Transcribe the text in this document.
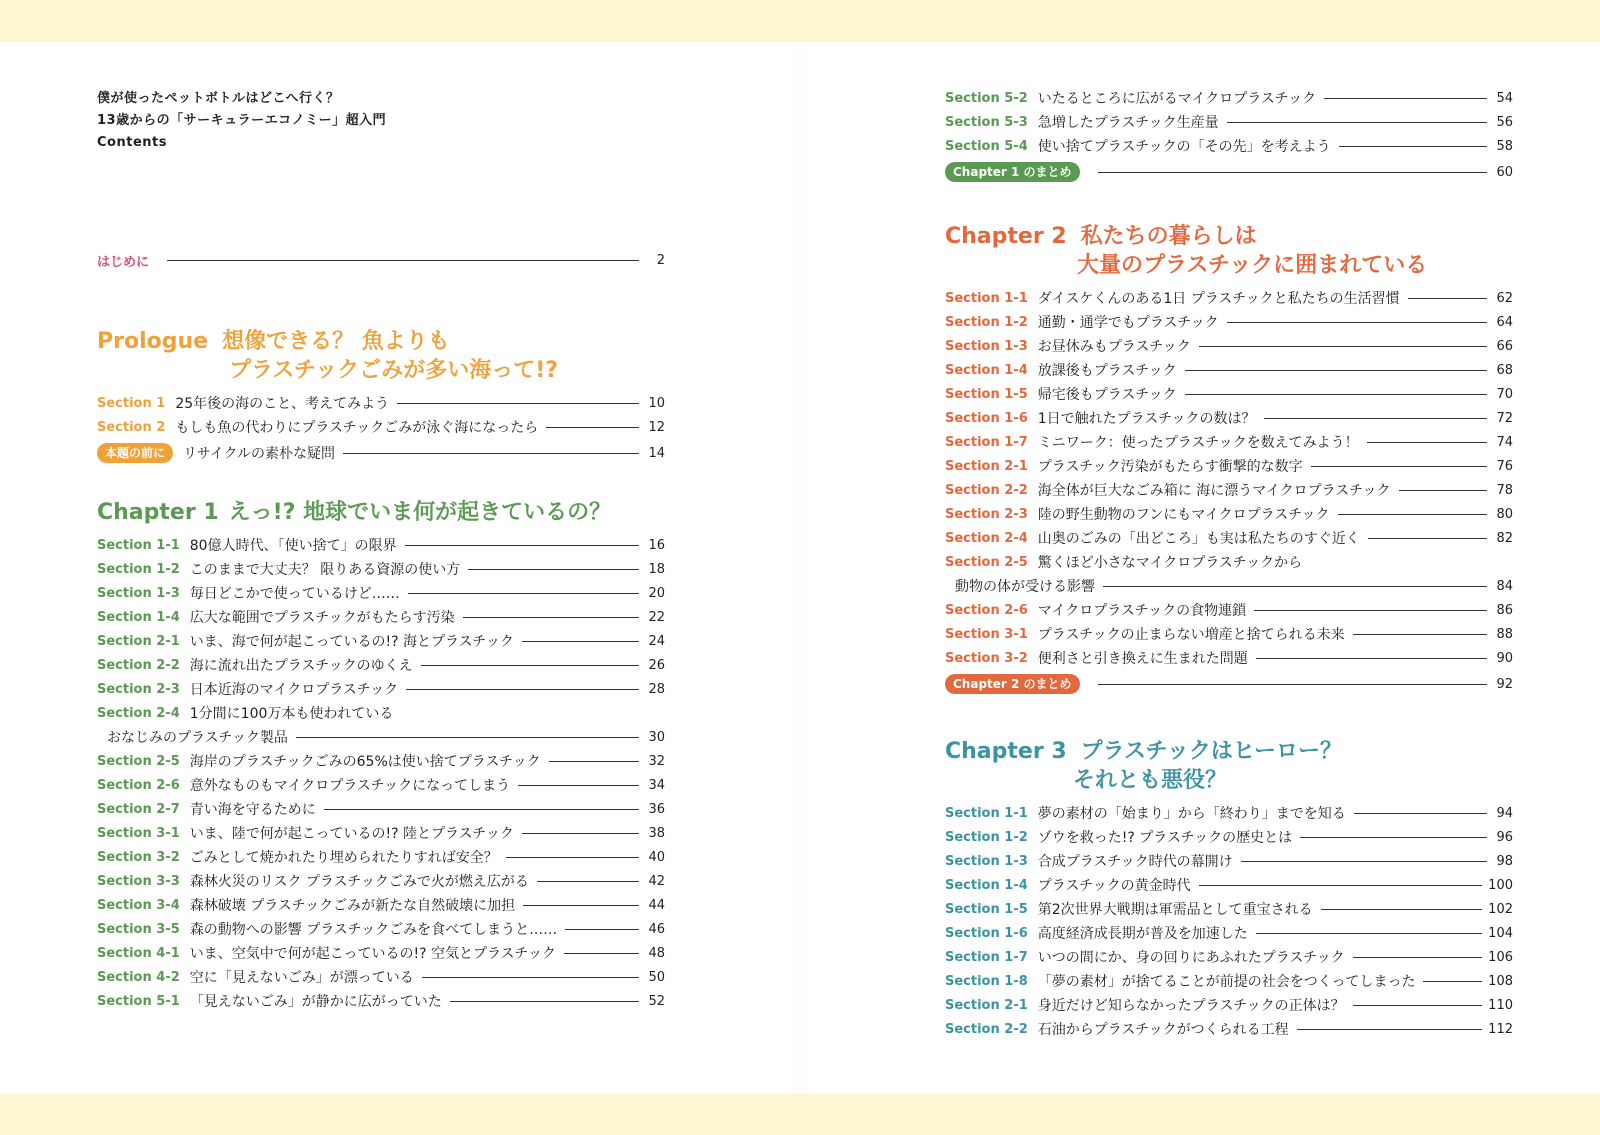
僕が使ったペットボトルはどこへ行く？
13歳からの「サーキュラーエコノミー」超入門
Contents
はじめに	2
Prologue 想像できる？ 魚よりも
プラスチックごみが多い海って!?
Section 1 25年後の海のこと、考えてみよう	10
Section 2 もしも魚の代わりにプラスチックごみが泳ぐ海になったら	12
本題の前に	リサイクルの素朴な疑問	14
Chapter 1 えっ!? 地球でいま何が起きているの？
Section 1-1 80億人時代、「使い捨て」の限界	16
Section 1-2 このままで大丈夫？ 限りある資源の使い方	18
Section 1-3 毎日どこかで使っているけど……	20
Section 1-4 広大な範囲でプラスチックがもたらす汚染	22
Section 2-1 いま、海で何が起こっているの!? 海とプラスチック	24
Section 2-2 海に流れ出たプラスチックのゆくえ	26
Section 2-3 日本近海のマイクロプラスチック	28
Section 2-4 1分間に100万本も使われている
おなじみのプラスチック製品	30
Section 2-5 海岸のプラスチックごみの65%は使い捨てプラスチック	32
Section 2-6 意外なものもマイクロプラスチックになってしまう	34
Section 2-7 青い海を守るために	36
Section 3-1 いま、陸で何が起こっているの!? 陸とプラスチック	38
Section 3-2 ごみとして焼かれたり埋められたりすれば安全？	40
Section 3-3 森林火災のリスク プラスチックごみで火が燃え広がる	42
Section 3-4 森林破壊 プラスチックごみが新たな自然破壊に加担	44
Section 3-5 森の動物への影響 プラスチックごみを食べてしまうと……	46
Section 4-1 いま、空気中で何が起こっているの!? 空気とプラスチック	48
Section 4-2 空に「見えないごみ」が漂っている	50
Section 5-1 「見えないごみ」が静かに広がっていた	52
Section 5-2 いたるところに広がるマイクロプラスチック	54
Section 5-3 急増したプラスチック生産量	56
Section 5-4 使い捨てプラスチックの「その先」を考えよう	58
Chapter 1 のまとめ	60
Chapter 2 私たちの暮らしは
大量のプラスチックに囲まれている
Section 1-1 ダイスケくんのある1日 プラスチックと私たちの生活習慣	62
Section 1-2 通勤・通学でもプラスチック	64
Section 1-3 お昼休みもプラスチック	66
Section 1-4 放課後もプラスチック	68
Section 1-5 帰宅後もプラスチック	70
Section 1-6 1日で触れたプラスチックの数は？	72
Section 1-7 ミニワーク：使ったプラスチックを数えてみよう！	74
Section 2-1 プラスチック汚染がもたらす衝撃的な数字	76
Section 2-2 海全体が巨大なごみ箱に 海に漂うマイクロプラスチック	78
Section 2-3 陸の野生動物のフンにもマイクロプラスチック	80
Section 2-4 山奥のごみの「出どころ」も実は私たちのすぐ近く	82
Section 2-5 驚くほど小さなマイクロプラスチックから
動物の体が受ける影響	84
Section 2-6 マイクロプラスチックの食物連鎖	86
Section 3-1 プラスチックの止まらない増産と捨てられる未来	88
Section 3-2 便利さと引き換えに生まれた問題	90
Chapter 2 のまとめ	92
Chapter 3 プラスチックはヒーロー？
それとも悪役？
Section 1-1 夢の素材の「始まり」から「終わり」までを知る	94
Section 1-2 ゾウを救った!? プラスチックの歴史とは	96
Section 1-3 合成プラスチック時代の幕開け	98
Section 1-4 プラスチックの黄金時代	100
Section 1-5 第2次世界大戦期は軍需品として重宝される	102
Section 1-6 高度経済成長期が普及を加速した	104
Section 1-7 いつの間にか、身の回りにあふれたプラスチック	106
Section 1-8 「夢の素材」が捨てることが前提の社会をつくってしまった	108
Section 2-1 身近だけど知らなかったプラスチックの正体は？	110
Section 2-2 石油からプラスチックがつくられる工程	112
